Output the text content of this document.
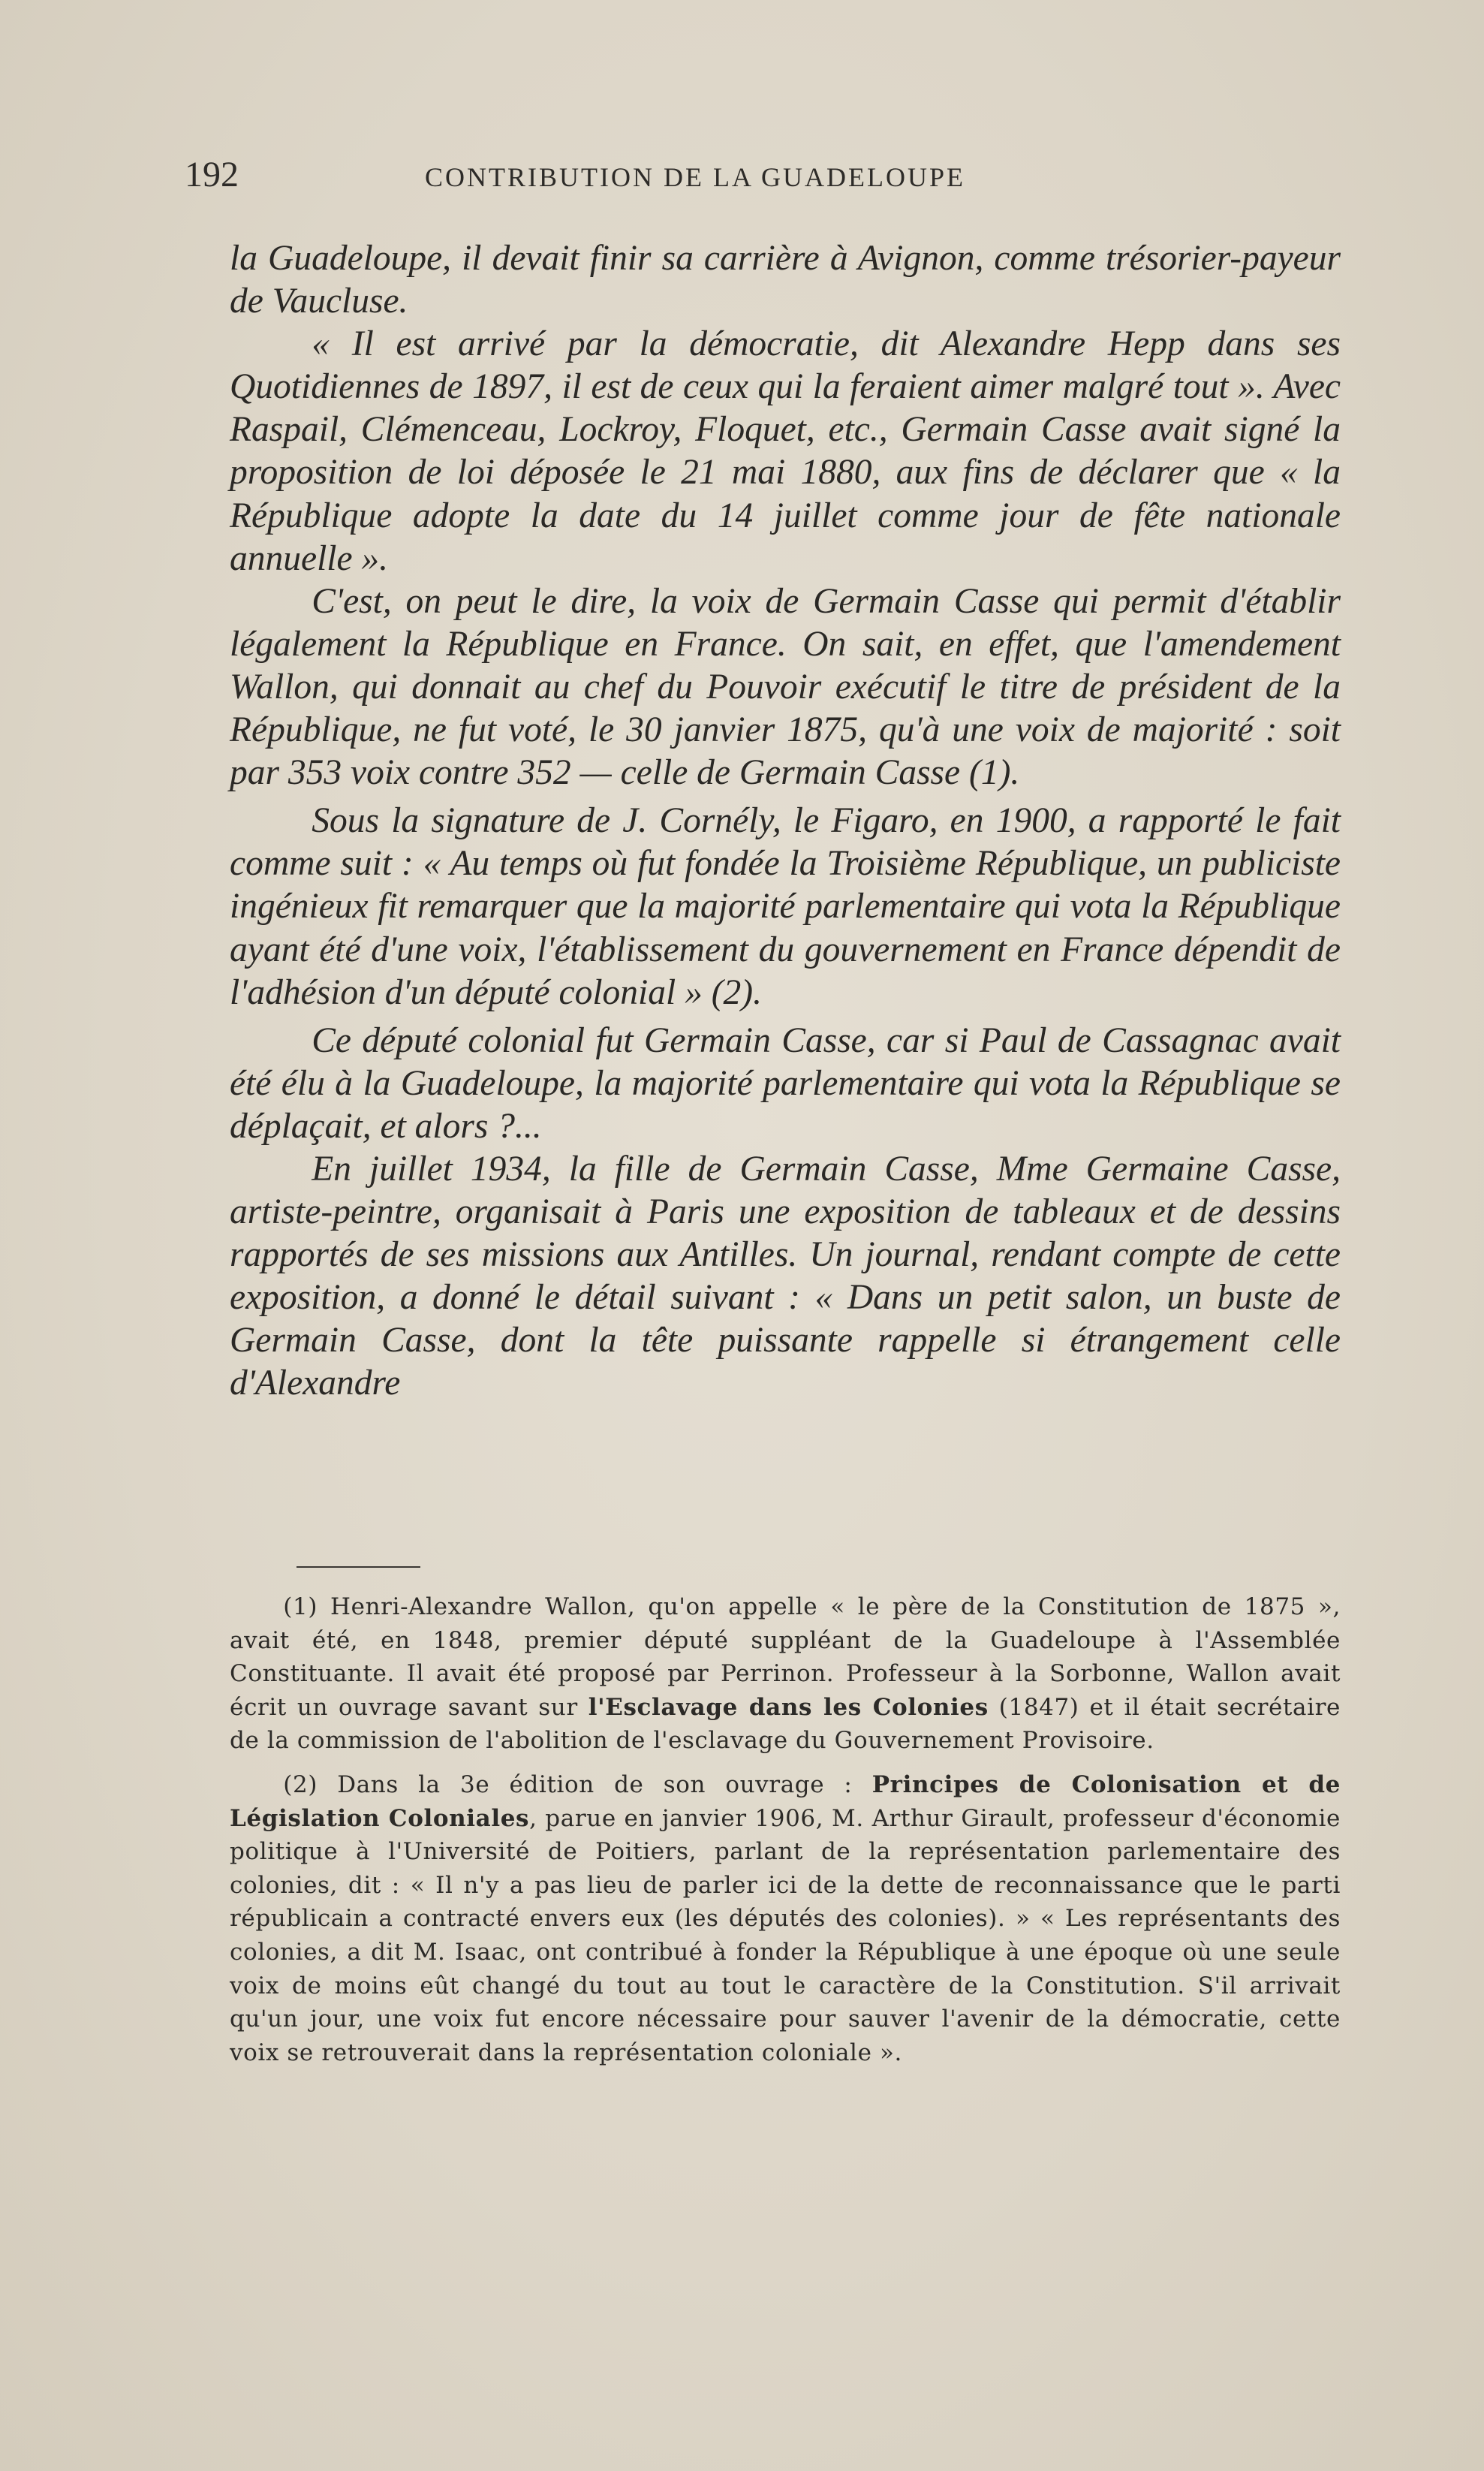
192	CONTRIBUTION DE LA GUADELOUPE

la Guadeloupe, il devait finir sa carrière à Avignon, comme trésorier-payeur de Vaucluse.

« Il est arrivé par la démocratie, dit Alexandre Hepp dans ses Quotidiennes de 1897, il est de ceux qui la feraient aimer malgré tout ». Avec Raspail, Clémenceau, Lockroy, Floquet, etc., Germain Casse avait signé la proposition de loi déposée le 21 mai 1880, aux fins de déclarer que « la République adopte la date du 14 juillet comme jour de fête nationale annuelle ».

C'est, on peut le dire, la voix de Germain Casse qui permit d'établir légalement la République en France. On sait, en effet, que l'amendement Wallon, qui donnait au chef du Pouvoir exécutif le titre de président de la République, ne fut voté, le 30 janvier 1875, qu'à une voix de majorité : soit par 353 voix contre 352 — celle de Germain Casse (1).

Sous la signature de J. Cornély, le Figaro, en 1900, a rapporté le fait comme suit : « Au temps où fut fondée la Troisième République, un publiciste ingénieux fit remarquer que la majorité parlementaire qui vota la République ayant été d'une voix, l'établissement du gouvernement en France dépendit de l'adhésion d'un député colonial » (2).

Ce député colonial fut Germain Casse, car si Paul de Cassagnac avait été élu à la Guadeloupe, la majorité parlementaire qui vota la République se déplaçait, et alors ?...

En juillet 1934, la fille de Germain Casse, Mme Germaine Casse, artiste-peintre, organisait à Paris une exposition de tableaux et de dessins rapportés de ses missions aux Antilles. Un journal, rendant compte de cette exposition, a donné le détail suivant : « Dans un petit salon, un buste de Germain Casse, dont la tête puissante rappelle si étrangement celle d'Alexandre

(1) Henri-Alexandre Wallon, qu'on appelle « le père de la Constitution de 1875 », avait été, en 1848, premier député suppléant de la Guadeloupe à l'Assemblée Constituante. Il avait été proposé par Perrinon. Professeur à la Sorbonne, Wallon avait écrit un ouvrage savant sur l'Esclavage dans les Colonies (1847) et il était secrétaire de la commission de l'abolition de l'esclavage du Gouvernement Provisoire.

(2) Dans la 3e édition de son ouvrage : Principes de Colonisation et de Législation Coloniales, parue en janvier 1906, M. Arthur Girault, professeur d'économie politique à l'Université de Poitiers, parlant de la représentation parlementaire des colonies, dit : « Il n'y a pas lieu de parler ici de la dette de reconnaissance que le parti républicain a contracté envers eux (les députés des colonies). » « Les représentants des colonies, a dit M. Isaac, ont contribué à fonder la République à une époque où une seule voix de moins eût changé du tout au tout le caractère de la Constitution. S'il arrivait qu'un jour, une voix fut encore nécessaire pour sauver l'avenir de la démocratie, cette voix se retrouverait dans la représentation coloniale ».
